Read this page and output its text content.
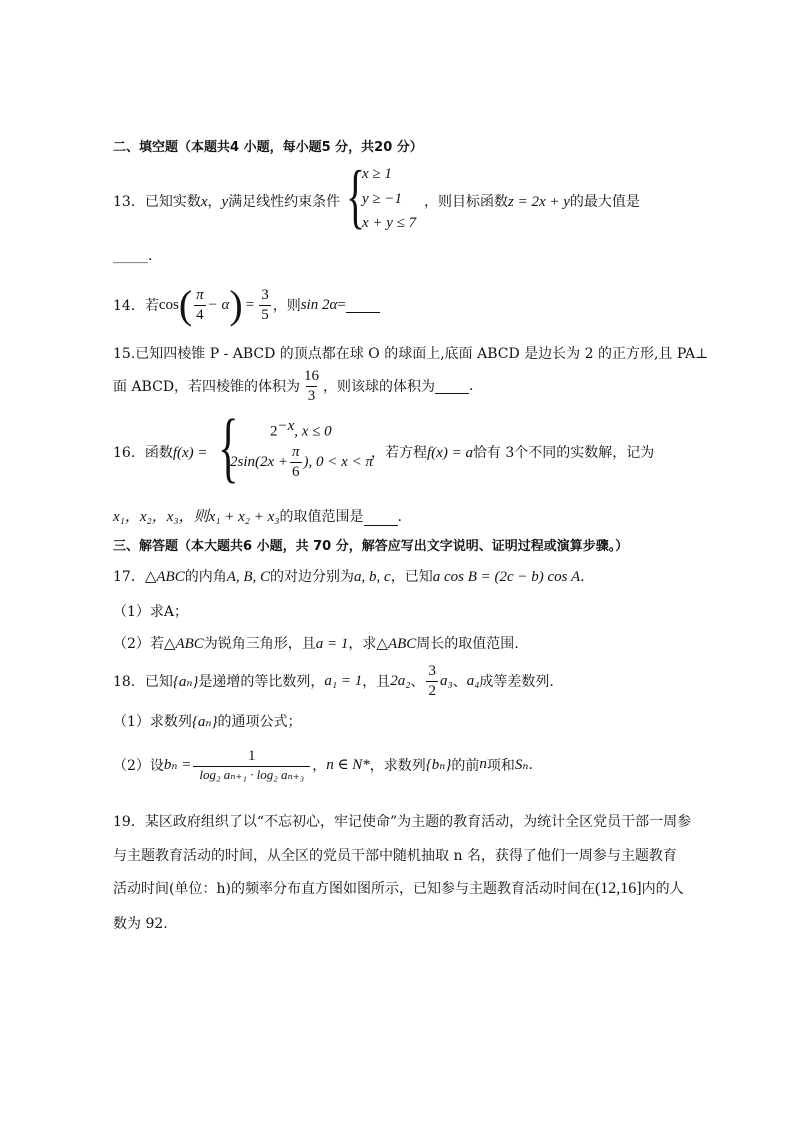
二、填空题（本题共4 小题，每小题5 分，共20 分）
13．已知实数x，y满足线性约束条件 {
x ≥ 1
y ≥ −1
x + y ≤ 7
，则目标函数z = 2x + y的最大值是
_____.
14．若 cos ( $\frac{\pi}{4} - \alpha$ ) = $\frac{3}{5}$ ，则 sin 2α =
15.已知四棱锥 P - ABCD 的顶点都在球 O 的球面上,底面 ABCD 是边长为 2 的正方形,且 PA⊥
面 ABCD，若四棱锥的体积为 $\frac{16}{3}$ ，则该球的体积为 .
16．函数f(x) = { $2^{-x}$, x ≤ 0
$2\sin(2x + \frac{\pi}{6}$ ), 0 < x < π
，若方程f(x) = a恰有 3个不同的实数解，记为
x₁，x₂，x₃，则x₁ + x₂ + x₃的取值范围是 .
三、解答题（本大题共6 小题，共 70 分，解答应写出文字说明、证明过程或演算步骤。）
17．△ABC的内角A, B, C的对边分别为a, b, c，已知a cos B = (2c − b) cos A.
（1）求A；
（2）若△ABC为锐角三角形，且a = 1，求△ABC周长的取值范围.
18．已知 {aₙ} 是递增的等比数列， a₁ = 1 ，且 2a₂ 、 $\frac{3}{2} a_3$ 、 a₄ 成等差数列.
（1）求数列{aₙ}的通项公式；
（2）设 $b_n = \frac{1}{\text{log₂ aₙ₊₁ · log₂ aₙ₊₃}}$ ， n ∈ N* ，求数列 {bₙ} 的前 n 项和 Sₙ .
19．某区政府组织了以“不忘初心，牢记使命”为主题的教育活动，为统计全区党员干部一周参
与主题教育活动的时间，从全区的党员干部中随机抽取 n 名，获得了他们一周参与主题教育
活动时间(单位：h)的频率分布直方图如图所示，已知参与主题教育活动时间在(12,16]内的人
数为 92.
